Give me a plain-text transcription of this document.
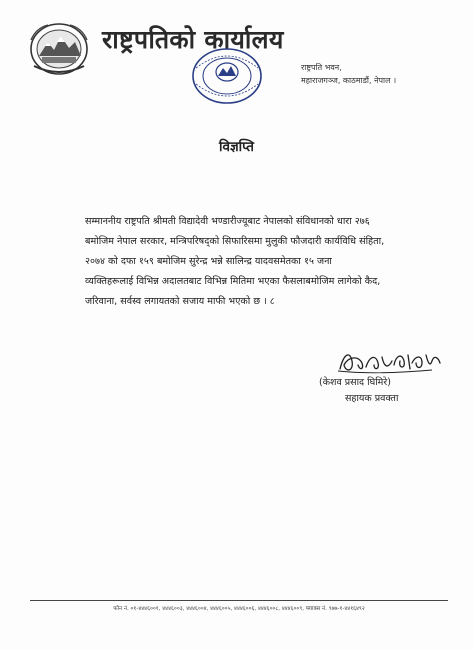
राष्ट्रपतिको कार्यालय
राष्ट्रपति भवन,
महाराजगञ्ज, काठमाडौं, नेपाल ।
विज्ञप्ति
सम्माननीय राष्ट्रपति श्रीमती विद्यादेवी भण्डारीज्यूबाट नेपालको संविधानको धारा २७६
बमोजिम नेपाल सरकार, मन्त्रिपरिषद्को सिफारिसमा मुलुकी फौजदारी कार्यविधि संहिता,
२०७४ को दफा १५९ बमोजिम सुरेन्द्र भन्ने सालिन्द्र यादवसमेतका १५ जना
व्यक्तिहरूलाई विभिन्न अदालतबाट विभिन्न मितिमा भएका फैसलाबमोजिम लागेको कैद,
जरिवाना, सर्वस्व लगायतको सजाय माफी भएको छ । ८
(केशव प्रसाद घिमिरे)
सहायक प्रवक्ता
फोन नं. ०१-४४४६००१, ४४४६००३, ४४४६००४, ४४४६००५, ४४४६००६, ४४४६००८, ४४४६००९, फ्याक्स नं. ९७७-१-४४१६४९२
